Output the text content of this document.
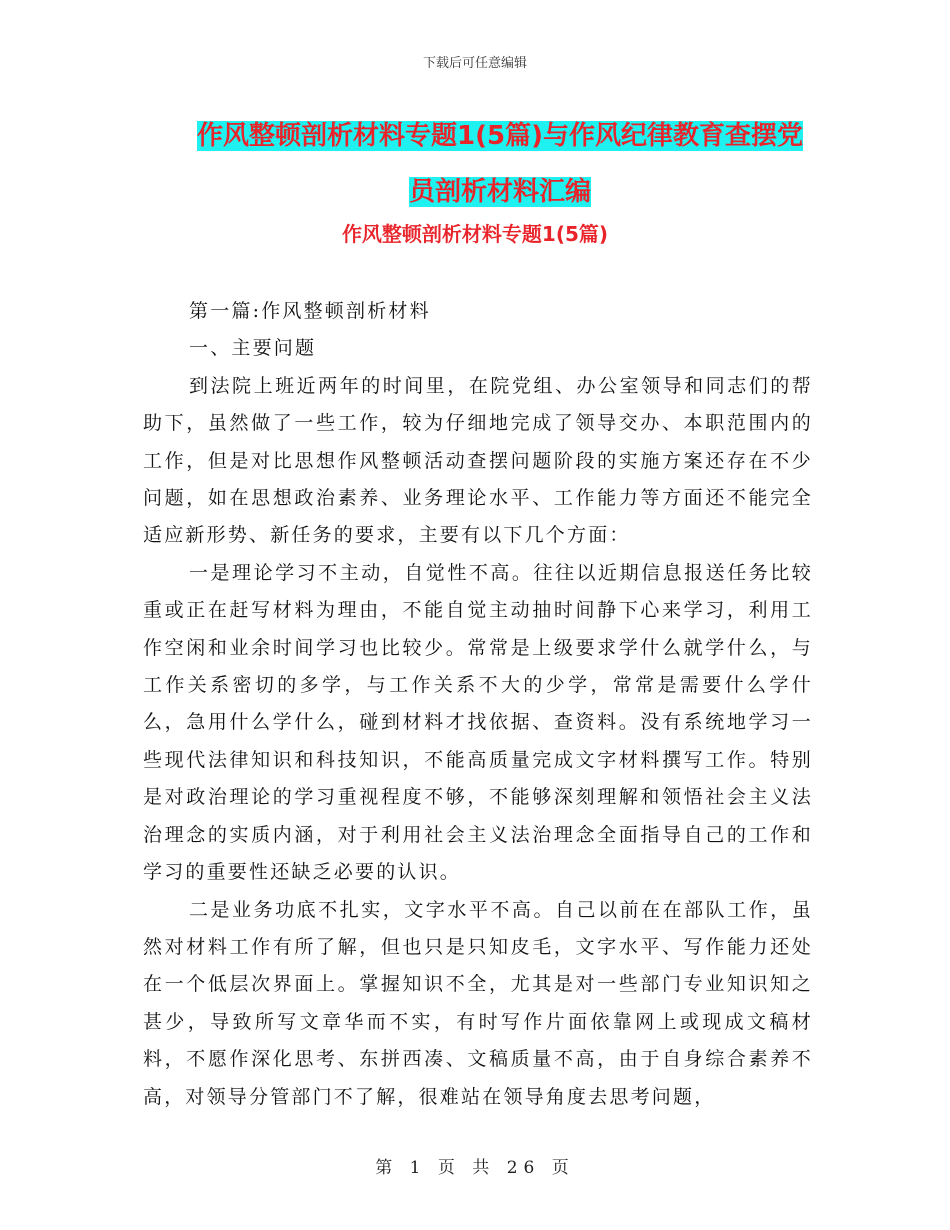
下载后可任意编辑
作风整顿剖析材料专题1(5篇)与作风纪律教育查摆党
员剖析材料汇编
作风整顿剖析材料专题1(5篇)

第一篇:作风整顿剖析材料

一、主要问题

到法院上班近两年的时间里，在院党组、办公室领导和同志们的帮助下，虽然做了一些工作，较为仔细地完成了领导交办、本职范围内的工作，但是对比思想作风整顿活动查摆问题阶段的实施方案还存在不少问题，如在思想政治素养、业务理论水平、工作能力等方面还不能完全适应新形势、新任务的要求，主要有以下几个方面：

一是理论学习不主动，自觉性不高。往往以近期信息报送任务比较重或正在赶写材料为理由，不能自觉主动抽时间静下心来学习，利用工作空闲和业余时间学习也比较少。常常是上级要求学什么就学什么，与工作关系密切的多学，与工作关系不大的少学，常常是需要什么学什么，急用什么学什么，碰到材料才找依据、查资料。没有系统地学习一些现代法律知识和科技知识，不能高质量完成文字材料撰写工作。特别是对政治理论的学习重视程度不够，不能够深刻理解和领悟社会主义法治理念的实质内涵，对于利用社会主义法治理念全面指导自己的工作和学习的重要性还缺乏必要的认识。

二是业务功底不扎实，文字水平不高。自己以前在在部队工作，虽然对材料工作有所了解，但也只是只知皮毛，文字水平、写作能力还处在一个低层次界面上。掌握知识不全，尤其是对一些部门专业知识知之甚少，导致所写文章华而不实，有时写作片面依靠网上或现成文稿材料，不愿作深化思考、东拼西凑、文稿质量不高，由于自身综合素养不高，对领导分管部门不了解，很难站在领导角度去思考问题，

第 1 页 共 26 页
